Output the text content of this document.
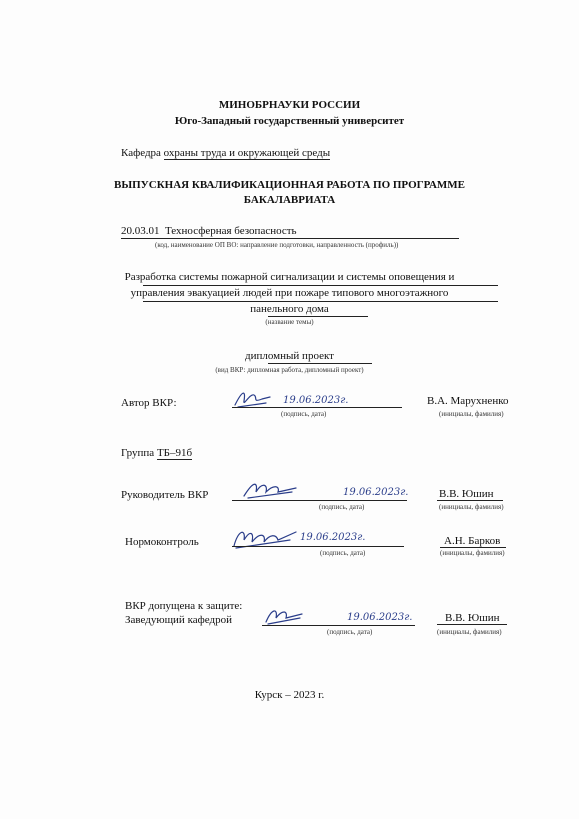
МИНОБРНАУКИ РОССИИ
Юго-Западный государственный университет
Кафедра охраны труда и окружающей среды
ВЫПУСКНАЯ КВАЛИФИКАЦИОННАЯ РАБОТА ПО ПРОГРАММЕ
БАКАЛАВРИАТА
20.03.01 Техносферная безопасность
(код, наименование ОП ВО: направление подготовки, направленность (профиль))
Разработка системы пожарной сигнализации и системы оповещения и
управления эвакуацией людей при пожаре типового многоэтажного
панельного дома
(название темы)
дипломный проект
(вид ВКР: дипломная работа, дипломный проект)
Автор ВКР:	19.06.2023г.
(подпись, дата)
В.А. Марухненко
(инициалы, фамилия)
Группа ТБ–91б
Руководитель ВКР	19.06.2023г.
(подпись, дата)
В.В. Юшин
(инициалы, фамилия)
Нормоконтроль	19.06.2023г.
(подпись, дата)
А.Н. Барков
(инициалы, фамилия)
ВКР допущена к защите:
Заведующий кафедрой	19.06.2023г.
(подпись, дата)
В.В. Юшин
(инициалы, фамилия)
Курск – 2023 г.
